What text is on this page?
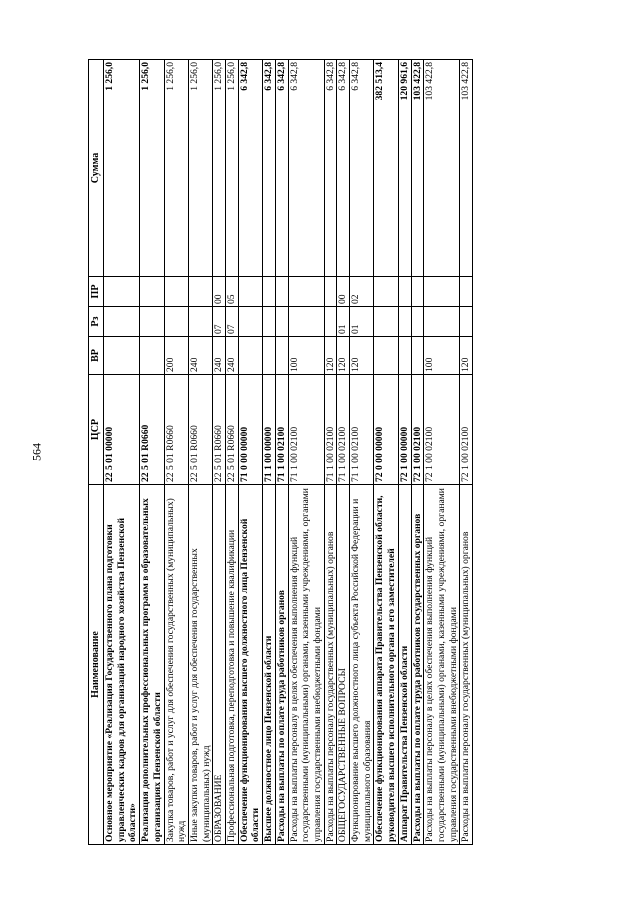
564
Наименование	ЦСР	ВР	Рз	ПР	Сумма
Основное мероприятие «Реализация Государственного плана подготовки управленческих кадров для организаций народного хозяйства Пензенской области»	22 5 01 00000				1 256,0
Реализация дополнительных профессиональных программ в образовательных организациях Пензенской области	22 5 01 R0660				1 256,0
Закупка товаров, работ и услуг для обеспечения государственных (муниципальных) нужд	22 5 01 R0660	200			1 256,0
Иные закупки товаров, работ и услуг для обеспечения государственных (муниципальных) нужд	22 5 01 R0660	240			1 256,0
ОБРАЗОВАНИЕ	22 5 01 R0660	240	07	00	1 256,0
Профессиональная подготовка, переподготовка и повышение квалификации	22 5 01 R0660	240	07	05	1 256,0
Обеспечение функционирования высшего должностного лица Пензенской области	71 0 00 00000				6 342,8
Высшее должностное лицо Пензенской области	71 1 00 00000				6 342,8
Расходы на выплаты по оплате труда работников органов	71 1 00 02100				6 342,8
Расходы на выплаты персоналу в целях обеспечения выполнения функций государственными (муниципальными) органами, казенными учреждениями, органами управления государственными внебюджетными фондами	71 1 00 02100	100			6 342,8
Расходы на выплаты персоналу государственных (муниципальных) органов	71 1 00 02100	120			6 342,8
ОБЩЕГОСУДАРСТВЕННЫЕ ВОПРОСЫ	71 1 00 02100	120	01	00	6 342,8
Функционирование высшего должностного лица субъекта Российской Федерации и муниципального образования	71 1 00 02100	120	01	02	6 342,8
Обеспечение функционирования аппарата Правительства Пензенской области, руководителя высшего исполнительного органа и его заместителей	72 0 00 00000				382 513,4
Аппарат Правительства Пензенской области	72 1 00 00000				120 961,6
Расходы на выплаты по оплате труда работников государственных органов	72 1 00 02100				103 422,8
Расходы на выплаты персоналу в целях обеспечения выполнения функций государственными (муниципальными) органами, казенными учреждениями, органами управления государственными внебюджетными фондами	72 1 00 02100	100			103 422,8
Расходы на выплаты персоналу государственных (муниципальных) органов	72 1 00 02100	120			103 422,8
